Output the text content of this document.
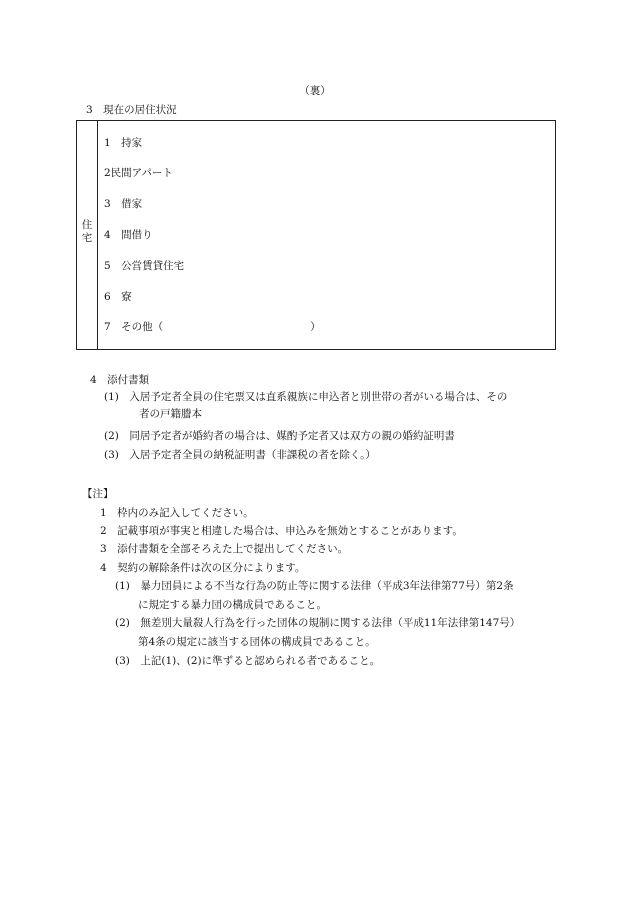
（裏）
3　現在の居住状況
住
宅
1　持家
2民間アパート
3　借家
4　間借り
5　公営賃貸住宅
6　寮
7　その他（　　　　　　　　　　　　　　）
4　添付書類
(1)　入居予定者全員の住宅票又は直系親族に申込者と別世帯の者がいる場合は、その
者の戸籍謄本
(2)　同居予定者が婚約者の場合は、媒酌予定者又は双方の親の婚約証明書
(3)　入居予定者全員の納税証明書（非課税の者を除く。）
【注】
1　枠内のみ記入してください。
2　記載事項が事実と相違した場合は、申込みを無効とすることがあります。
3　添付書類を全部そろえた上で提出してください。
4　契約の解除条件は次の区分によります。
(1)　暴力団員による不当な行為の防止等に関する法律（平成3年法律第77号）第2条
に規定する暴力団の構成員であること。
(2)　無差別大量殺人行為を行った団体の規制に関する法律（平成11年法律第147号）
第4条の規定に該当する団体の構成員であること。
(3)　上記(1)、(2)に準ずると認められる者であること。
